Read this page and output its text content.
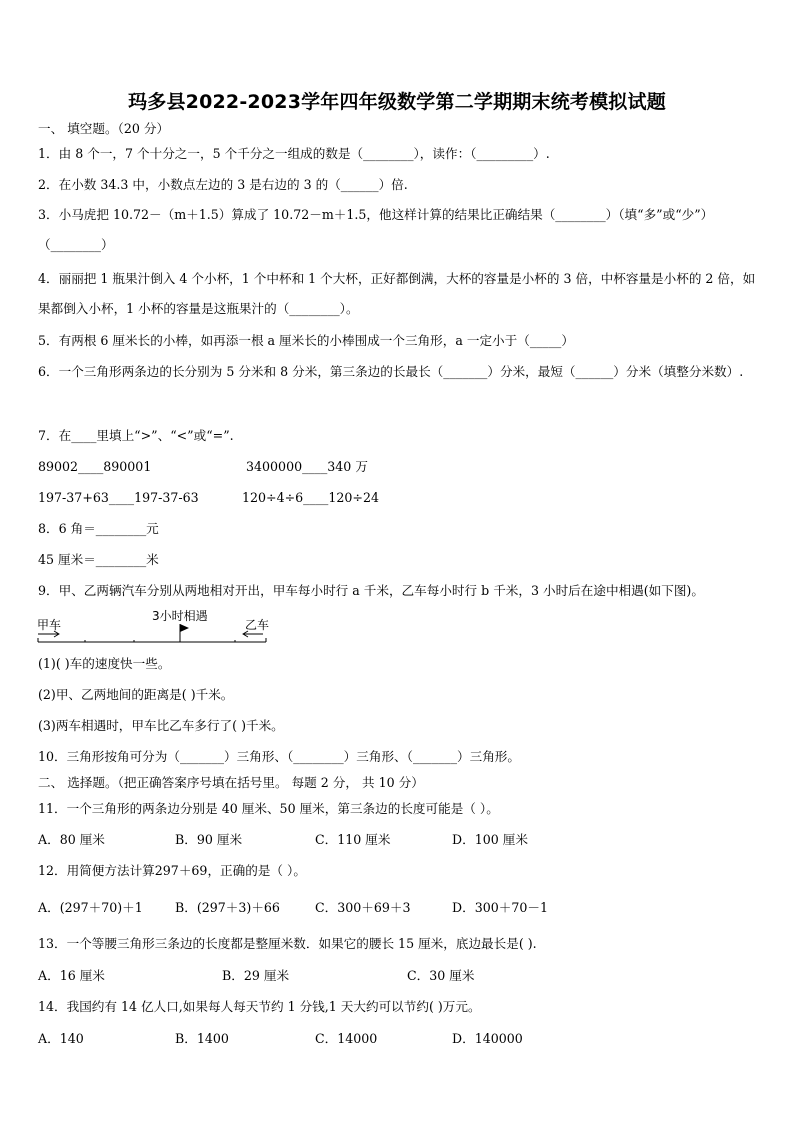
玛多县2022-2023学年四年级数学第二学期期末统考模拟试题
一、 填空题。（20 分）
1．由 8 个一，7 个十分之一，5 个千分之一组成的数是（________），读作：（_________）.
2．在小数 34.3 中，小数点左边的 3 是右边的 3 的（______）倍.
3．小马虎把 10.72－（m＋1.5）算成了 10.72－m＋1.5，他这样计算的结果比正确结果（________）（填“多”或“少”）（________）
4．丽丽把 1 瓶果汁倒入 4 个小杯，1 个中杯和 1 个大杯，正好都倒满，大杯的容量是小杯的 3 倍，中杯容量是小杯的 2 倍，如果都倒入小杯，1 小杯的容量是这瓶果汁的（________）。
5．有两根 6 厘米长的小棒，如再添一根 a 厘米长的小棒围成一个三角形，a 一定小于（_____）
6．一个三角形两条边的长分别为 5 分米和 8 分米，第三条边的长最长（_______）分米，最短（______）分米（填整分米数）.
7．在____里填上“>”、“<”或“=”.
89002____890001	3400000____340 万
197-37+63____197-37-63	120÷4÷6____120÷24
8．6 角＝________元
45 厘米＝________米
9．甲、乙两辆汽车分别从两地相对开出，甲车每小时行 a 千米，乙车每小时行 b 千米，3 小时后在途中相遇(如下图)。
甲车
3小时相遇
乙车
(1)( )车的速度快一些。
(2)甲、乙两地间的距离是( )千米。
(3)两车相遇时，甲车比乙车多行了( )千米。
10．三角形按角可分为（_______）三角形、（________）三角形、（_______）三角形。
二、 选择题。（把正确答案序号填在括号里。 每题 2 分， 共 10 分）
11．一个三角形的两条边分别是 40 厘米、50 厘米，第三条边的长度可能是（ ）。
A．80 厘米	B．90 厘米	C．110 厘米	D．100 厘米
12．用简便方法计算297＋69，正确的是（ ）。
A．(297＋70)＋1	B．(297＋3)＋66	C．300＋69＋3	D．300＋70－1
13．一个等腰三角形三条边的长度都是整厘米数．如果它的腰长 15 厘米，底边最长是( ).
A．16 厘米	B．29 厘米	C．30 厘米
14．我国约有 14 亿人口,如果每人每天节约 1 分钱,1 天大约可以节约( )万元。
A．140	B．1400	C．14000	D．140000
